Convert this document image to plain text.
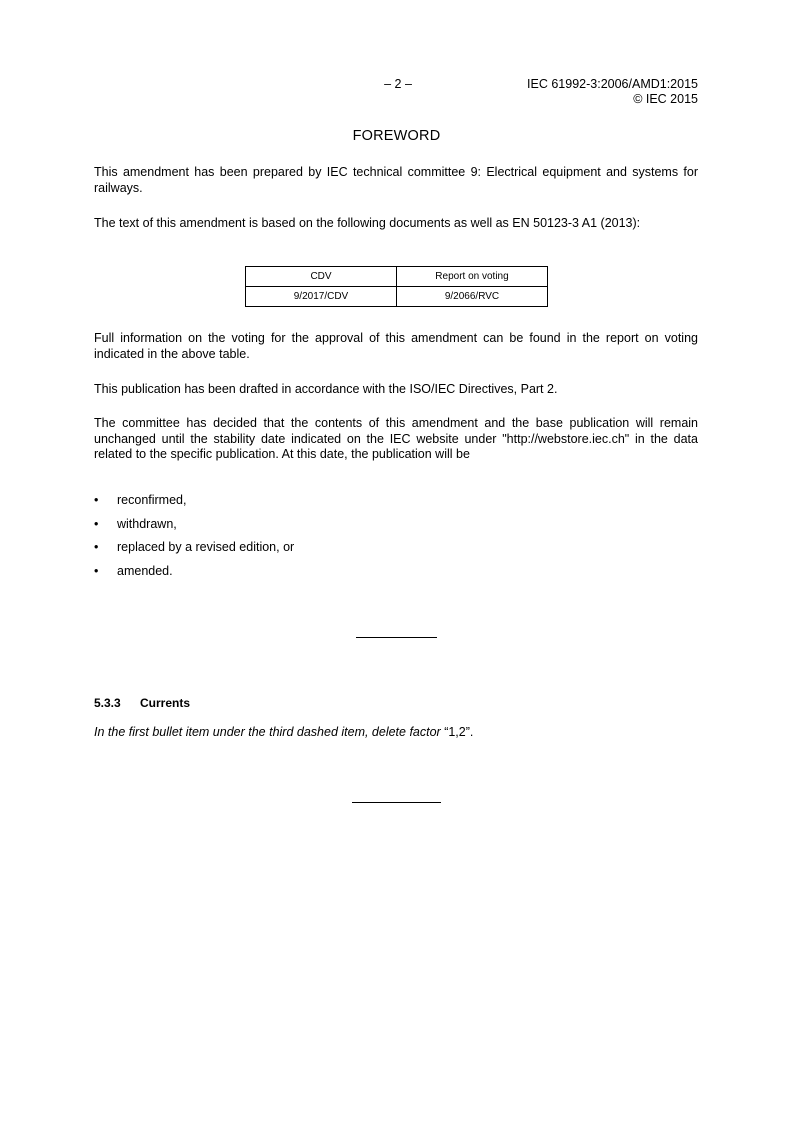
– 2 –	IEC 61992-3:2006/AMD1:2015
© IEC 2015
FOREWORD
This amendment has been prepared by IEC technical committee 9: Electrical equipment and systems for railways.
The text of this amendment is based on the following documents as well as EN 50123-3 A1 (2013):
CDV	Report on voting
9/2017/CDV	9/2066/RVC
Full information on the voting for the approval of this amendment can be found in the report on voting indicated in the above table.
This publication has been drafted in accordance with the ISO/IEC Directives, Part 2.
The committee has decided that the contents of this amendment and the base publication will remain unchanged until the stability date indicated on the IEC website under "http://webstore.iec.ch" in the data related to the specific publication. At this date, the publication will be
• reconfirmed,
• withdrawn,
• replaced by a revised edition, or
• amended.
5.3.3 Currents
In the first bullet item under the third dashed item, delete factor “1,2”.
